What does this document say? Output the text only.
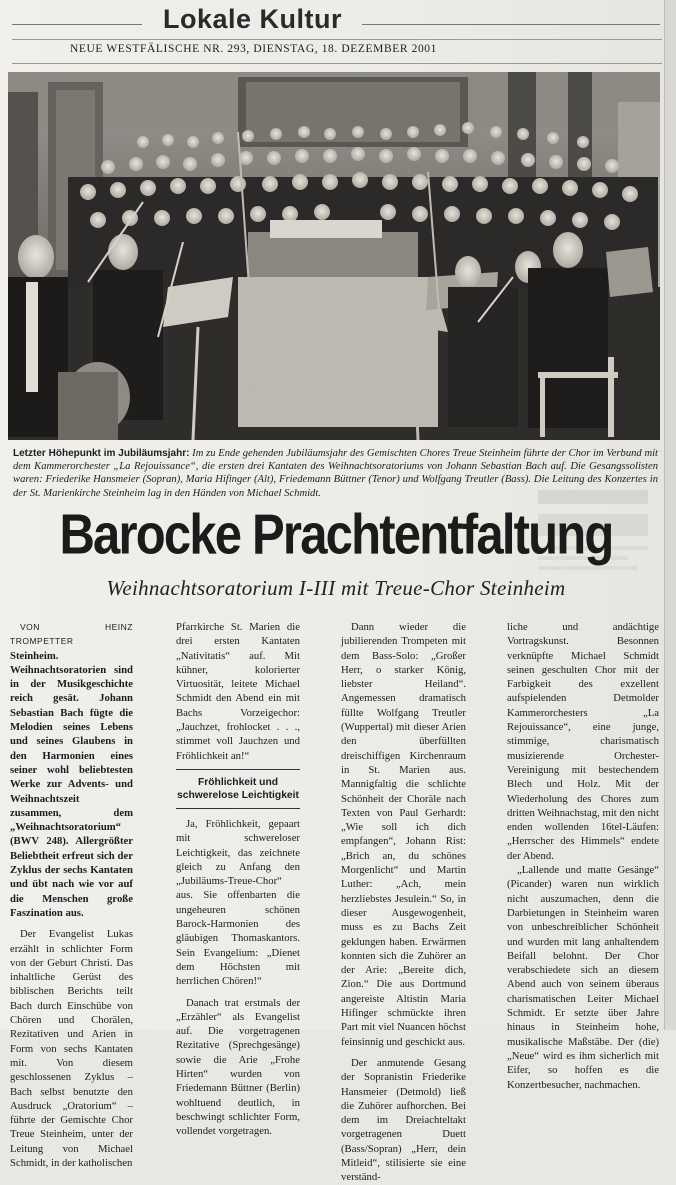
Lokale Kultur
NEUE WESTFÄLISCHE NR. 293, DIENSTAG, 18. DEZEMBER 2001
Letzter Höhepunkt im Jubiläumsjahr: Im zu Ende gehenden Jubiläumsjahr des Gemischten Chores Treue Steinheim führte der Chor im Verbund mit dem Kammerorchester „La Rejouissance“, die ersten drei Kantaten des Weihnachtsoratoriums von Johann Sebastian Bach auf. Die Gesangssolisten waren: Friederike Hansmeier (Sopran), Maria Hifinger (Alt), Friedemann Büttner (Tenor) und Wolfgang Treutler (Bass). Die Leitung des Konzertes in der St. Marienkirche Steinheim lag in den Händen von Michael Schmidt.
Barocke Prachtentfaltung
Weihnachtsoratorium I-III mit Treue-Chor Steinheim

VON HEINZ TROMPETTER

Steinheim. Weihnachtsoratorien sind in der Musikgeschichte reich gesät. Johann Sebastian Bach fügte die Melodien seines Lebens und seines Glaubens in den Harmonien eines seiner wohl beliebtesten Werke zur Advents- und Weihnachtszeit zusammen, dem „Weihnachtsoratorium“ (BWV 248). Allergrößter Beliebtheit erfreut sich der Zyklus der sechs Kantaten und übt nach wie vor auf die Menschen große Faszination aus.

Der Evangelist Lukas erzählt in schlichter Form von der Geburt Christi. Das inhaltliche Gerüst des biblischen Berichts teilt Bach durch Einschübe von Chören und Chorälen, Rezitativen und Arien in Form von sechs Kantaten mit. Von diesem geschlossenen Zyklus – Bach selbst benutzte den Ausdruck „Oratorium“ – führte der Gemischte Chor Treue Steinheim, unter der Leitung von Michael Schmidt, in der katholischen

Pfarrkirche St. Marien die drei ersten Kantaten „Nativitatis“ auf. Mit kühner, kolorierter Virtuosität, leitete Michael Schmidt den Abend ein mit Bachs Vorzeigechor: „Jauchzet, frohlocket . . ., stimmet voll Jauchzen und Fröhlichkeit an!“

Fröhlichkeit und schwerelose Leichtigkeit

Ja, Fröhlichkeit, gepaart mit schwereloser Leichtigkeit, das zeichnete gleich zu Anfang den „Jubiläums-Treue-Chor“ aus. Sie offenbarten die ungeheuren schönen Barock-Harmonien des gläubigen Thomaskantors. Sein Evangelium: „Dienet dem Höchsten mit herrlichen Chören!“

Danach trat erstmals der „Erzähler“ als Evangelist auf. Die vorgetragenen Rezitative (Sprechgesänge) sowie die Arie „Frohe Hirten“ wurden von Friedemann Büttner (Berlin) wohltuend deutlich, in beschwingt schlichter Form, vollendet vorgetragen.

Dann wieder die jubilierenden Trompeten mit dem Bass-Solo: „Großer Herr, o starker König, liebster Heiland“. Angemessen dramatisch füllte Wolfgang Treutler (Wuppertal) mit dieser Arien den überfüllten dreischiffigen Kirchenraum in St. Marien aus. Mannigfaltig die schlichte Schönheit der Choräle nach Texten von Paul Gerhardt: „Wie soll ich dich empfangen“, Johann Rist: „Brich an, du schönes Morgenlicht“ und Martin Luther: „Ach, mein herzliebstes Jesulein.“ So, in dieser Ausgewogenheit, muss es zu Bachs Zeit geklungen haben. Erwärmen konnten sich die Zuhörer an der Arie: „Bereite dich, Zion.“ Die aus Dortmund angereiste Altistin Maria Hifinger schmückte ihren Part mit viel Nuancen höchst feinsinnig und geschickt aus.

Der anmutende Gesang der Sopranistin Friederike Hansmeier (Detmold) ließ die Zuhörer aufhorchen. Bei dem im Dreiachteltakt vorgetragenen Duett (Bass/Sopran) „Herr, dein Mitleid“, stilisierte sie eine verständ-

liche und andächtige Vortragskunst. Besonnen verknüpfte Michael Schmidt seinen geschulten Chor mit der Farbigkeit des exzellent aufspielenden Detmolder Kammerorchesters „La Rejouissance“, eine junge, stimmige, charismatisch musizierende Orchester-Vereinigung mit bestechendem Blech und Holz. Mit der Wiederholung des Chores zum dritten Weihnachstag, mit den nicht enden wollenden 16tel-Läufen: „Herrscher des Himmels“ endete der Abend.

„Lallende und matte Gesänge“ (Picander) waren nun wirklich nicht auszumachen, denn die Darbietungen in Steinheim waren von unbeschreiblicher Schönheit und wurden mit lang anhaltendem Beifall belohnt. Der Chor verabschiedete sich an diesem Abend auch von seinem überaus charismatischen Leiter Michael Schmidt. Er setzte über Jahre hinaus in Steinheim hohe, musikalische Maßstäbe. Der (die) „Neue“ wird es ihm sicherlich mit Eifer, so hoffen es die Konzertbesucher, nachmachen.
